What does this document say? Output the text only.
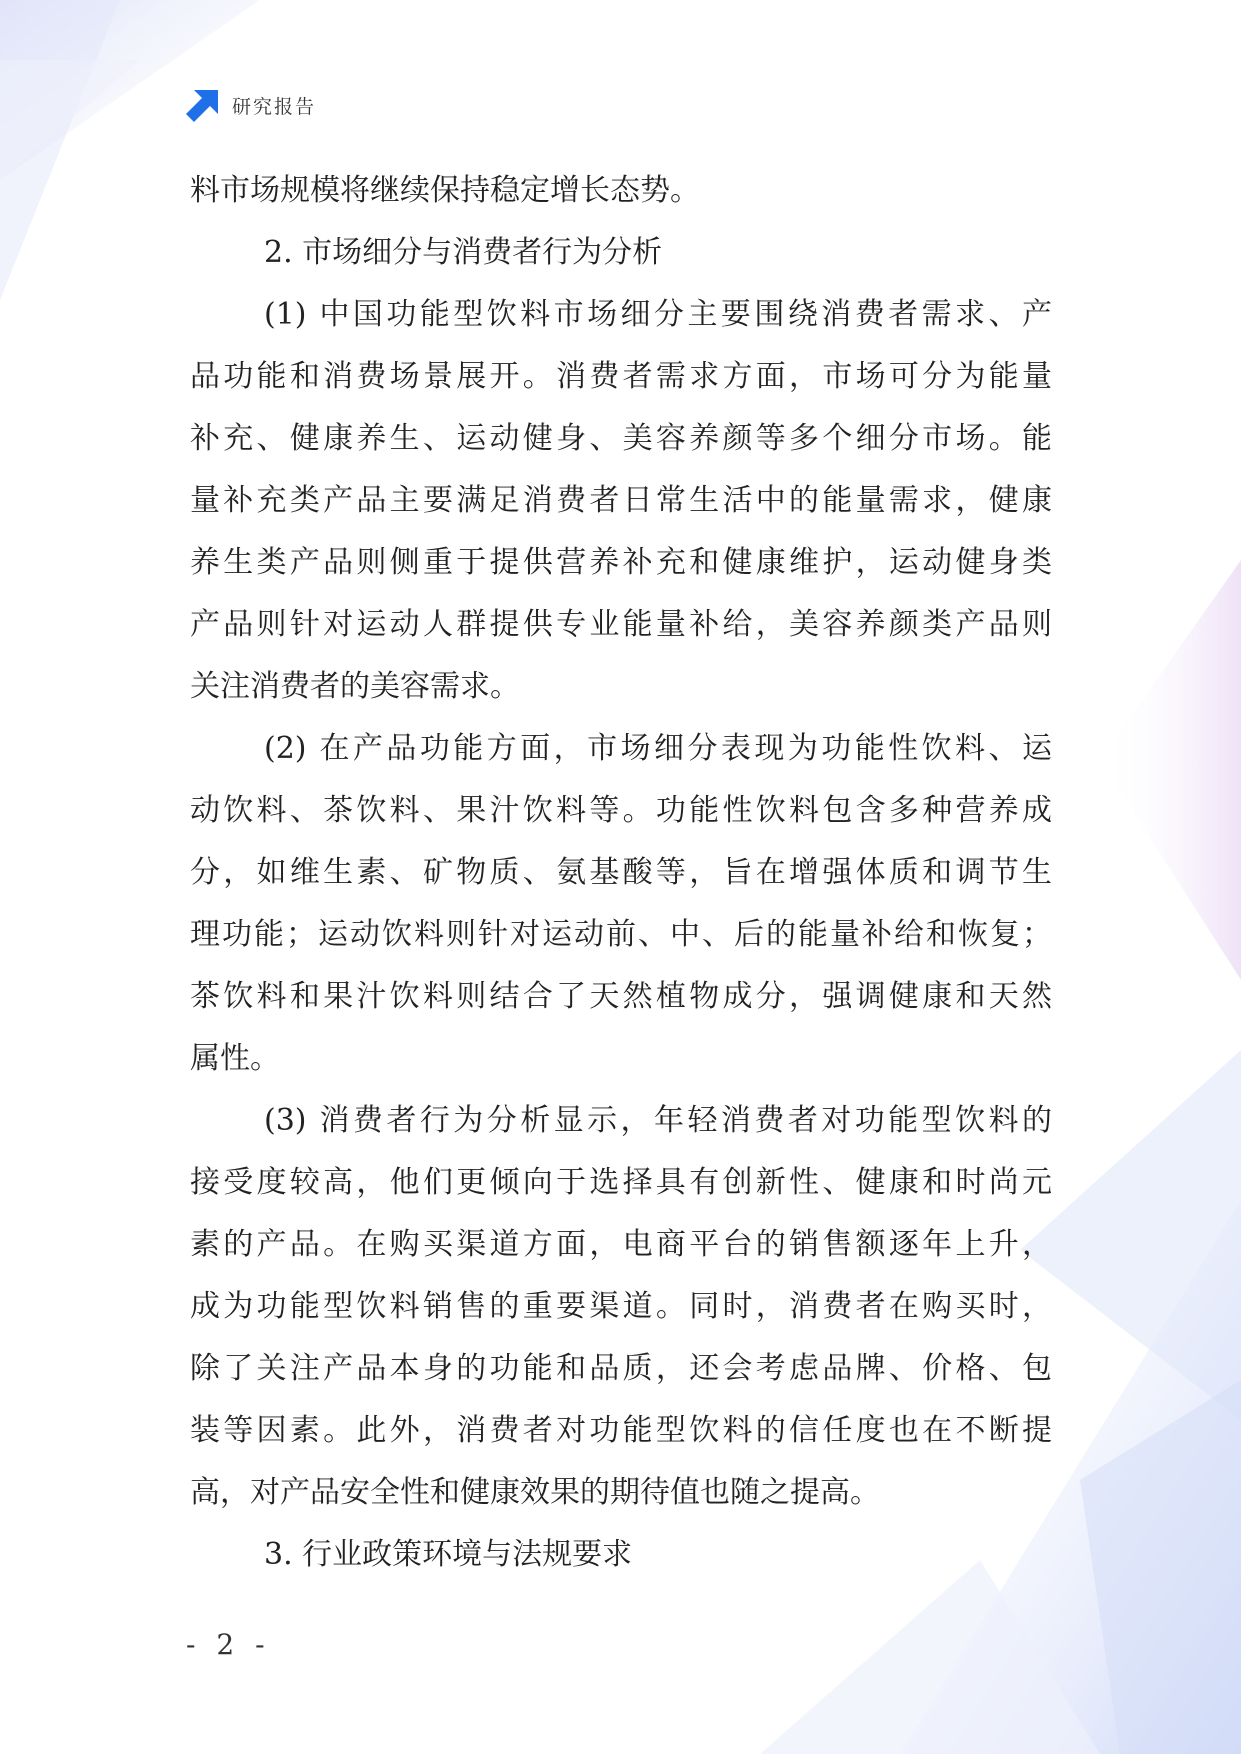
研究报告
料市场规模将继续保持稳定增长态势。
2. 市场细分与消费者行为分析
(1) 中国功能型饮料市场细分主要围绕消费者需求、产
品功能和消费场景展开。消费者需求方面，市场可分为能量
补充、健康养生、运动健身、美容养颜等多个细分市场。能
量补充类产品主要满足消费者日常生活中的能量需求，健康
养生类产品则侧重于提供营养补充和健康维护，运动健身类
产品则针对运动人群提供专业能量补给，美容养颜类产品则
关注消费者的美容需求。
(2) 在产品功能方面，市场细分表现为功能性饮料、运
动饮料、茶饮料、果汁饮料等。功能性饮料包含多种营养成
分，如维生素、矿物质、氨基酸等，旨在增强体质和调节生
理功能；运动饮料则针对运动前、中、后的能量补给和恢复；
茶饮料和果汁饮料则结合了天然植物成分，强调健康和天然
属性。
(3) 消费者行为分析显示，年轻消费者对功能型饮料的
接受度较高，他们更倾向于选择具有创新性、健康和时尚元
素的产品。在购买渠道方面，电商平台的销售额逐年上升，
成为功能型饮料销售的重要渠道。同时，消费者在购买时，
除了关注产品本身的功能和品质，还会考虑品牌、价格、包
装等因素。此外，消费者对功能型饮料的信任度也在不断提
高，对产品安全性和健康效果的期待值也随之提高。
3. 行业政策环境与法规要求
- 2 -
